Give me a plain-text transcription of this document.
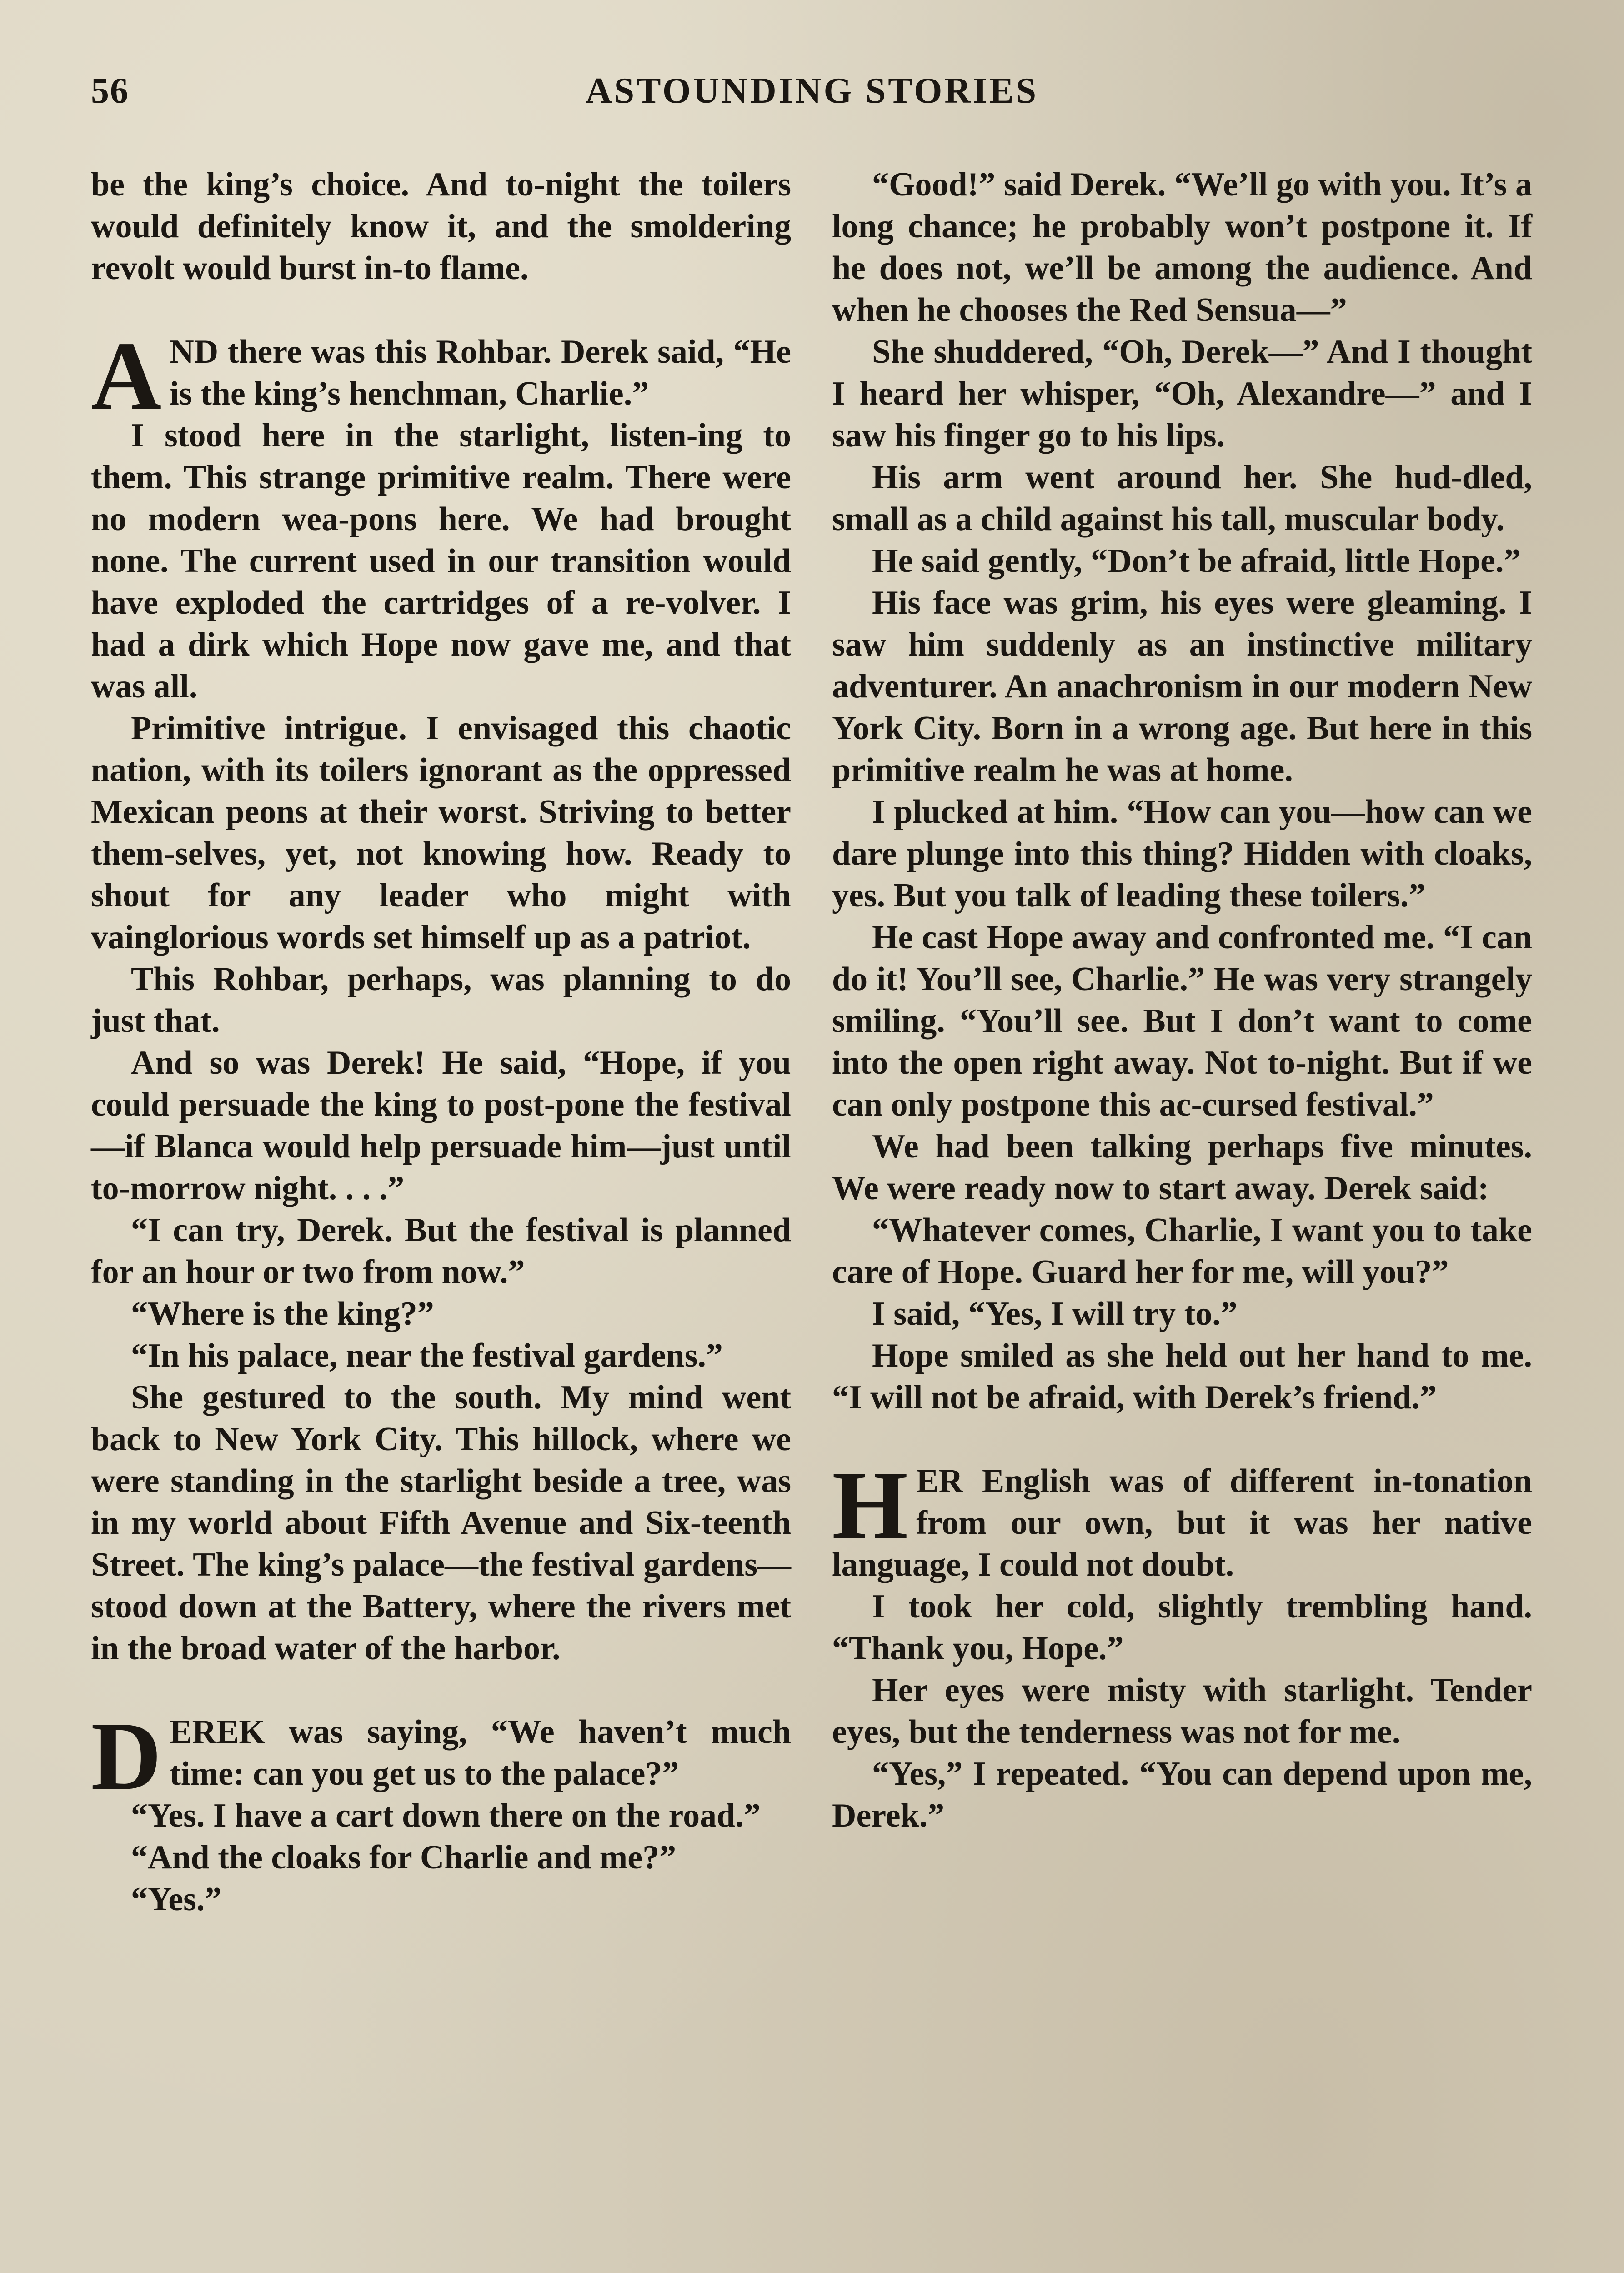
56	ASTOUNDING STORIES

be the king’s choice. And to-night the toilers would definitely know it, and the smoldering revolt would burst in-to flame.

AND there was this Rohbar. Derek said, “He is the king’s henchman, Charlie.”

I stood here in the starlight, listen-ing to them. This strange primitive realm. There were no modern wea-pons here. We had brought none. The current used in our transition would have exploded the cartridges of a re-volver. I had a dirk which Hope now gave me, and that was all.

Primitive intrigue. I envisaged this chaotic nation, with its toilers ignorant as the oppressed Mexican peons at their worst. Striving to better them-selves, yet, not knowing how. Ready to shout for any leader who might with vainglorious words set himself up as a patriot.

This Rohbar, perhaps, was planning to do just that.

And so was Derek! He said, “Hope, if you could persuade the king to post-pone the festival—if Blanca would help persuade him—just until to-morrow night. . . .”

“I can try, Derek. But the festival is planned for an hour or two from now.”

“Where is the king?”

“In his palace, near the festival gardens.”

She gestured to the south. My mind went back to New York City. This hillock, where we were standing in the starlight beside a tree, was in my world about Fifth Avenue and Six-teenth Street. The king’s palace—the festival gardens—stood down at the Battery, where the rivers met in the broad water of the harbor.

DEREK was saying, “We haven’t much time: can you get us to the palace?”

“Yes. I have a cart down there on the road.”

“And the cloaks for Charlie and me?”

“Yes.”

“Good!” said Derek. “We’ll go with you. It’s a long chance; he probably won’t postpone it. If he does not, we’ll be among the audience. And when he chooses the Red Sensua—”

She shuddered, “Oh, Derek—” And I thought I heard her whisper, “Oh, Alexandre—” and I saw his finger go to his lips.

His arm went around her. She hud-dled, small as a child against his tall, muscular body.

He said gently, “Don’t be afraid, little Hope.”

His face was grim, his eyes were gleaming. I saw him suddenly as an instinctive military adventurer. An anachronism in our modern New York City. Born in a wrong age. But here in this primitive realm he was at home.

I plucked at him. “How can you—how can we dare plunge into this thing? Hidden with cloaks, yes. But you talk of leading these toilers.”

He cast Hope away and confronted me. “I can do it! You’ll see, Charlie.” He was very strangely smiling. “You’ll see. But I don’t want to come into the open right away. Not to-night. But if we can only postpone this ac-cursed festival.”

We had been talking perhaps five minutes. We were ready now to start away. Derek said:

“Whatever comes, Charlie, I want you to take care of Hope. Guard her for me, will you?”

I said, “Yes, I will try to.”

Hope smiled as she held out her hand to me. “I will not be afraid, with Derek’s friend.”

HER English was of different in-tonation from our own, but it was her native language, I could not doubt.

I took her cold, slightly trembling hand. “Thank you, Hope.”

Her eyes were misty with starlight. Tender eyes, but the tenderness was not for me.

“Yes,” I repeated. “You can depend upon me, Derek.”
